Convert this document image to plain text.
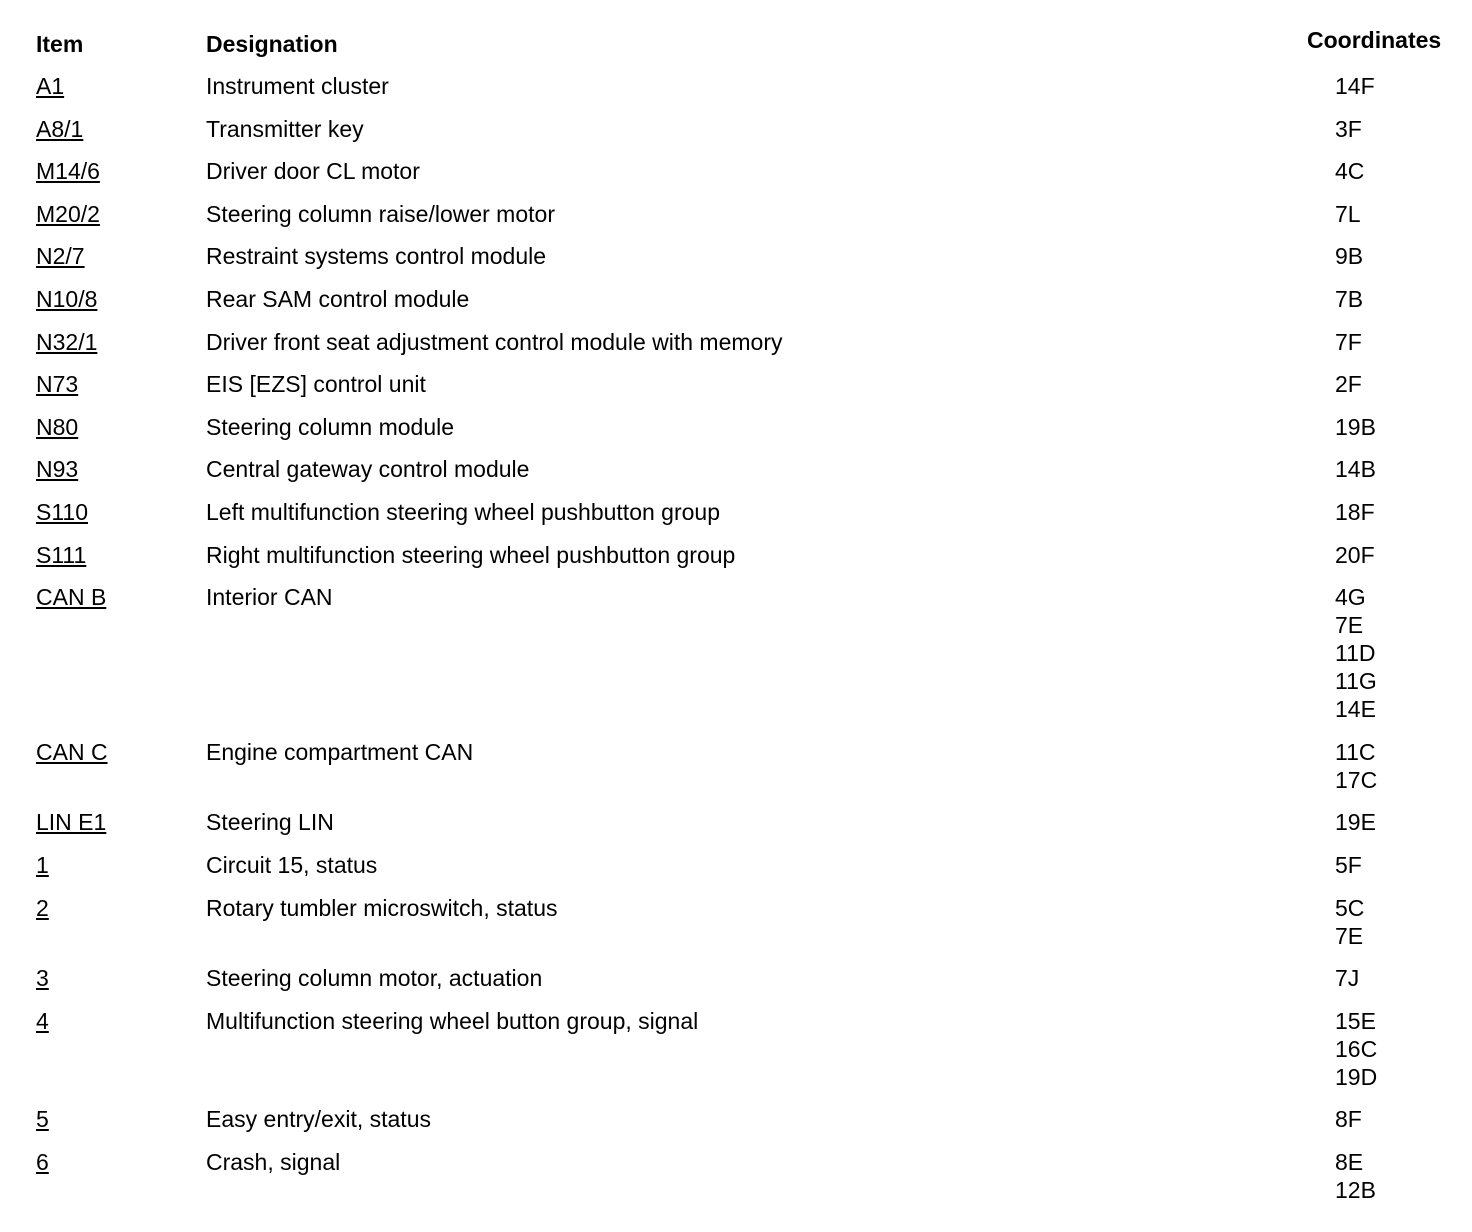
Item	Designation	Coordinates
A1	Instrument cluster	14F
A8/1	Transmitter key	3F
M14/6	Driver door CL motor	4C
M20/2	Steering column raise/lower motor	7L
N2/7	Restraint systems control module	9B
N10/8	Rear SAM control module	7B
N32/1	Driver front seat adjustment control module with memory	7F
N73	EIS [EZS] control unit	2F
N80	Steering column module	19B
N93	Central gateway control module	14B
S110	Left multifunction steering wheel pushbutton group	18F
S111	Right multifunction steering wheel pushbutton group	20F
CAN B	Interior CAN	4G
7E
11D
11G
14E
CAN C	Engine compartment CAN	11C
17C
LIN E1	Steering LIN	19E
1	Circuit 15, status	5F
2	Rotary tumbler microswitch, status	5C
7E
3	Steering column motor, actuation	7J
4	Multifunction steering wheel button group, signal	15E
16C
19D
5	Easy entry/exit, status	8F
6	Crash, signal	8E
12B
